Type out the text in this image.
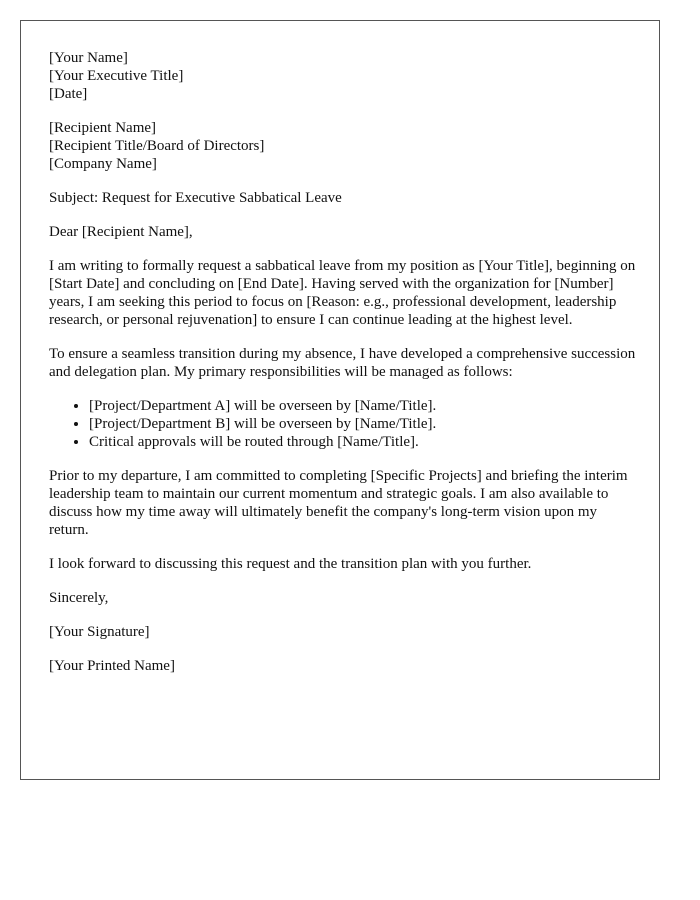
[Your Name]
[Your Executive Title]
[Date]
[Recipient Name]
[Recipient Title/Board of Directors]
[Company Name]

Subject: Request for Executive Sabbatical Leave

Dear [Recipient Name],

I am writing to formally request a sabbatical leave from my position as [Your Title], beginning on [Start Date] and concluding on [End Date]. Having served with the organization for [Number] years, I am seeking this period to focus on [Reason: e.g., professional development, leadership research, or personal rejuvenation] to ensure I can continue leading at the highest level.

To ensure a seamless transition during my absence, I have developed a comprehensive succession and delegation plan. My primary responsibilities will be managed as follows:

• [Project/Department A] will be overseen by [Name/Title].
• [Project/Department B] will be overseen by [Name/Title].
• Critical approvals will be routed through [Name/Title].

Prior to my departure, I am committed to completing [Specific Projects] and briefing the interim leadership team to maintain our current momentum and strategic goals. I am also available to discuss how my time away will ultimately benefit the company's long-term vision upon my return.

I look forward to discussing this request and the transition plan with you further.

Sincerely,

[Your Signature]

[Your Printed Name]
